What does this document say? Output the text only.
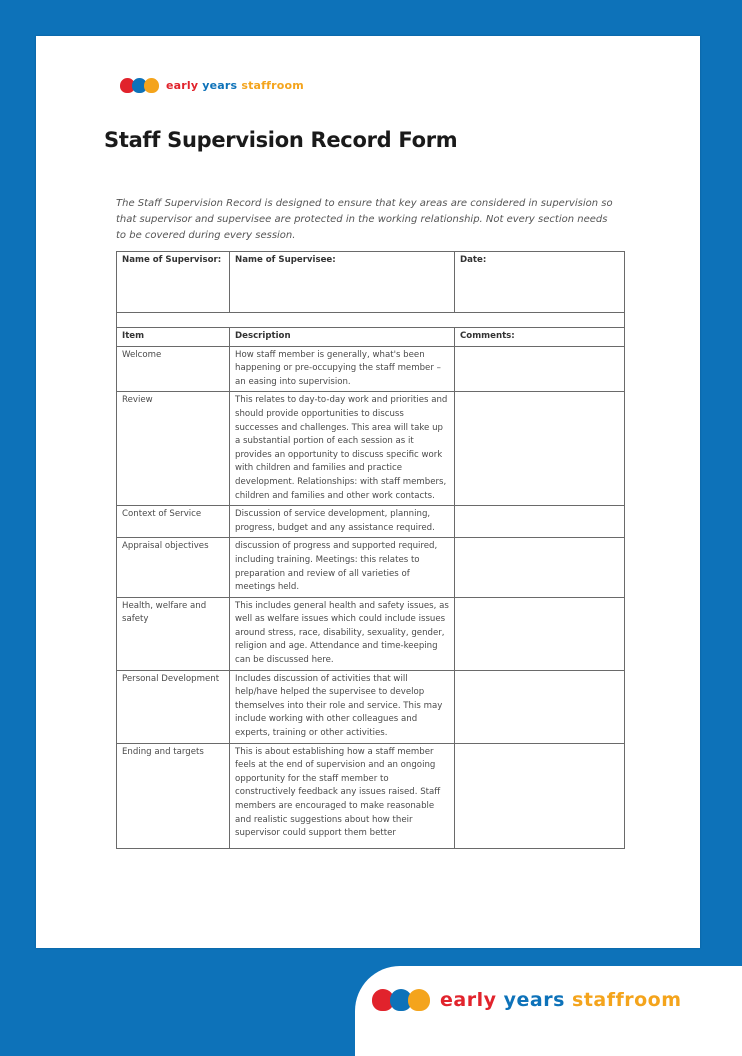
early years staffroom
Staff Supervision Record Form
The Staff Supervision Record is designed to ensure that key areas are considered in supervision so that supervisor and supervisee are protected in the working relationship. Not every section needs to be covered during every session.
Name of Supervisor:	Name of Supervisee:	Date:

Item	Description	Comments:
Welcome	How staff member is generally, what's been happening or pre-occupying the staff member – an easing into supervision.	
Review	This relates to day-to-day work and priorities and should provide opportunities to discuss successes and challenges. This area will take up a substantial portion of each session as it provides an opportunity to discuss specific work with children and families and practice development. Relationships: with staff members, children and families and other work contacts.	
Context of Service	Discussion of service development, planning, progress, budget and any assistance required.	
Appraisal objectives	discussion of progress and supported required, including training. Meetings: this relates to preparation and review of all varieties of meetings held.	
Health, welfare and safety	This includes general health and safety issues, as well as welfare issues which could include issues around stress, race, disability, sexuality, gender, religion and age. Attendance and time-keeping can be discussed here.	
Personal Development	Includes discussion of activities that will help/have helped the supervisee to develop themselves into their role and service. This may include working with other colleagues and experts, training or other activities.	
Ending and targets	This is about establishing how a staff member feels at the end of supervision and an ongoing opportunity for the staff member to constructively feedback any issues raised. Staff members are encouraged to make reasonable and realistic suggestions about how their supervisor could support them better	
early years staffroom
